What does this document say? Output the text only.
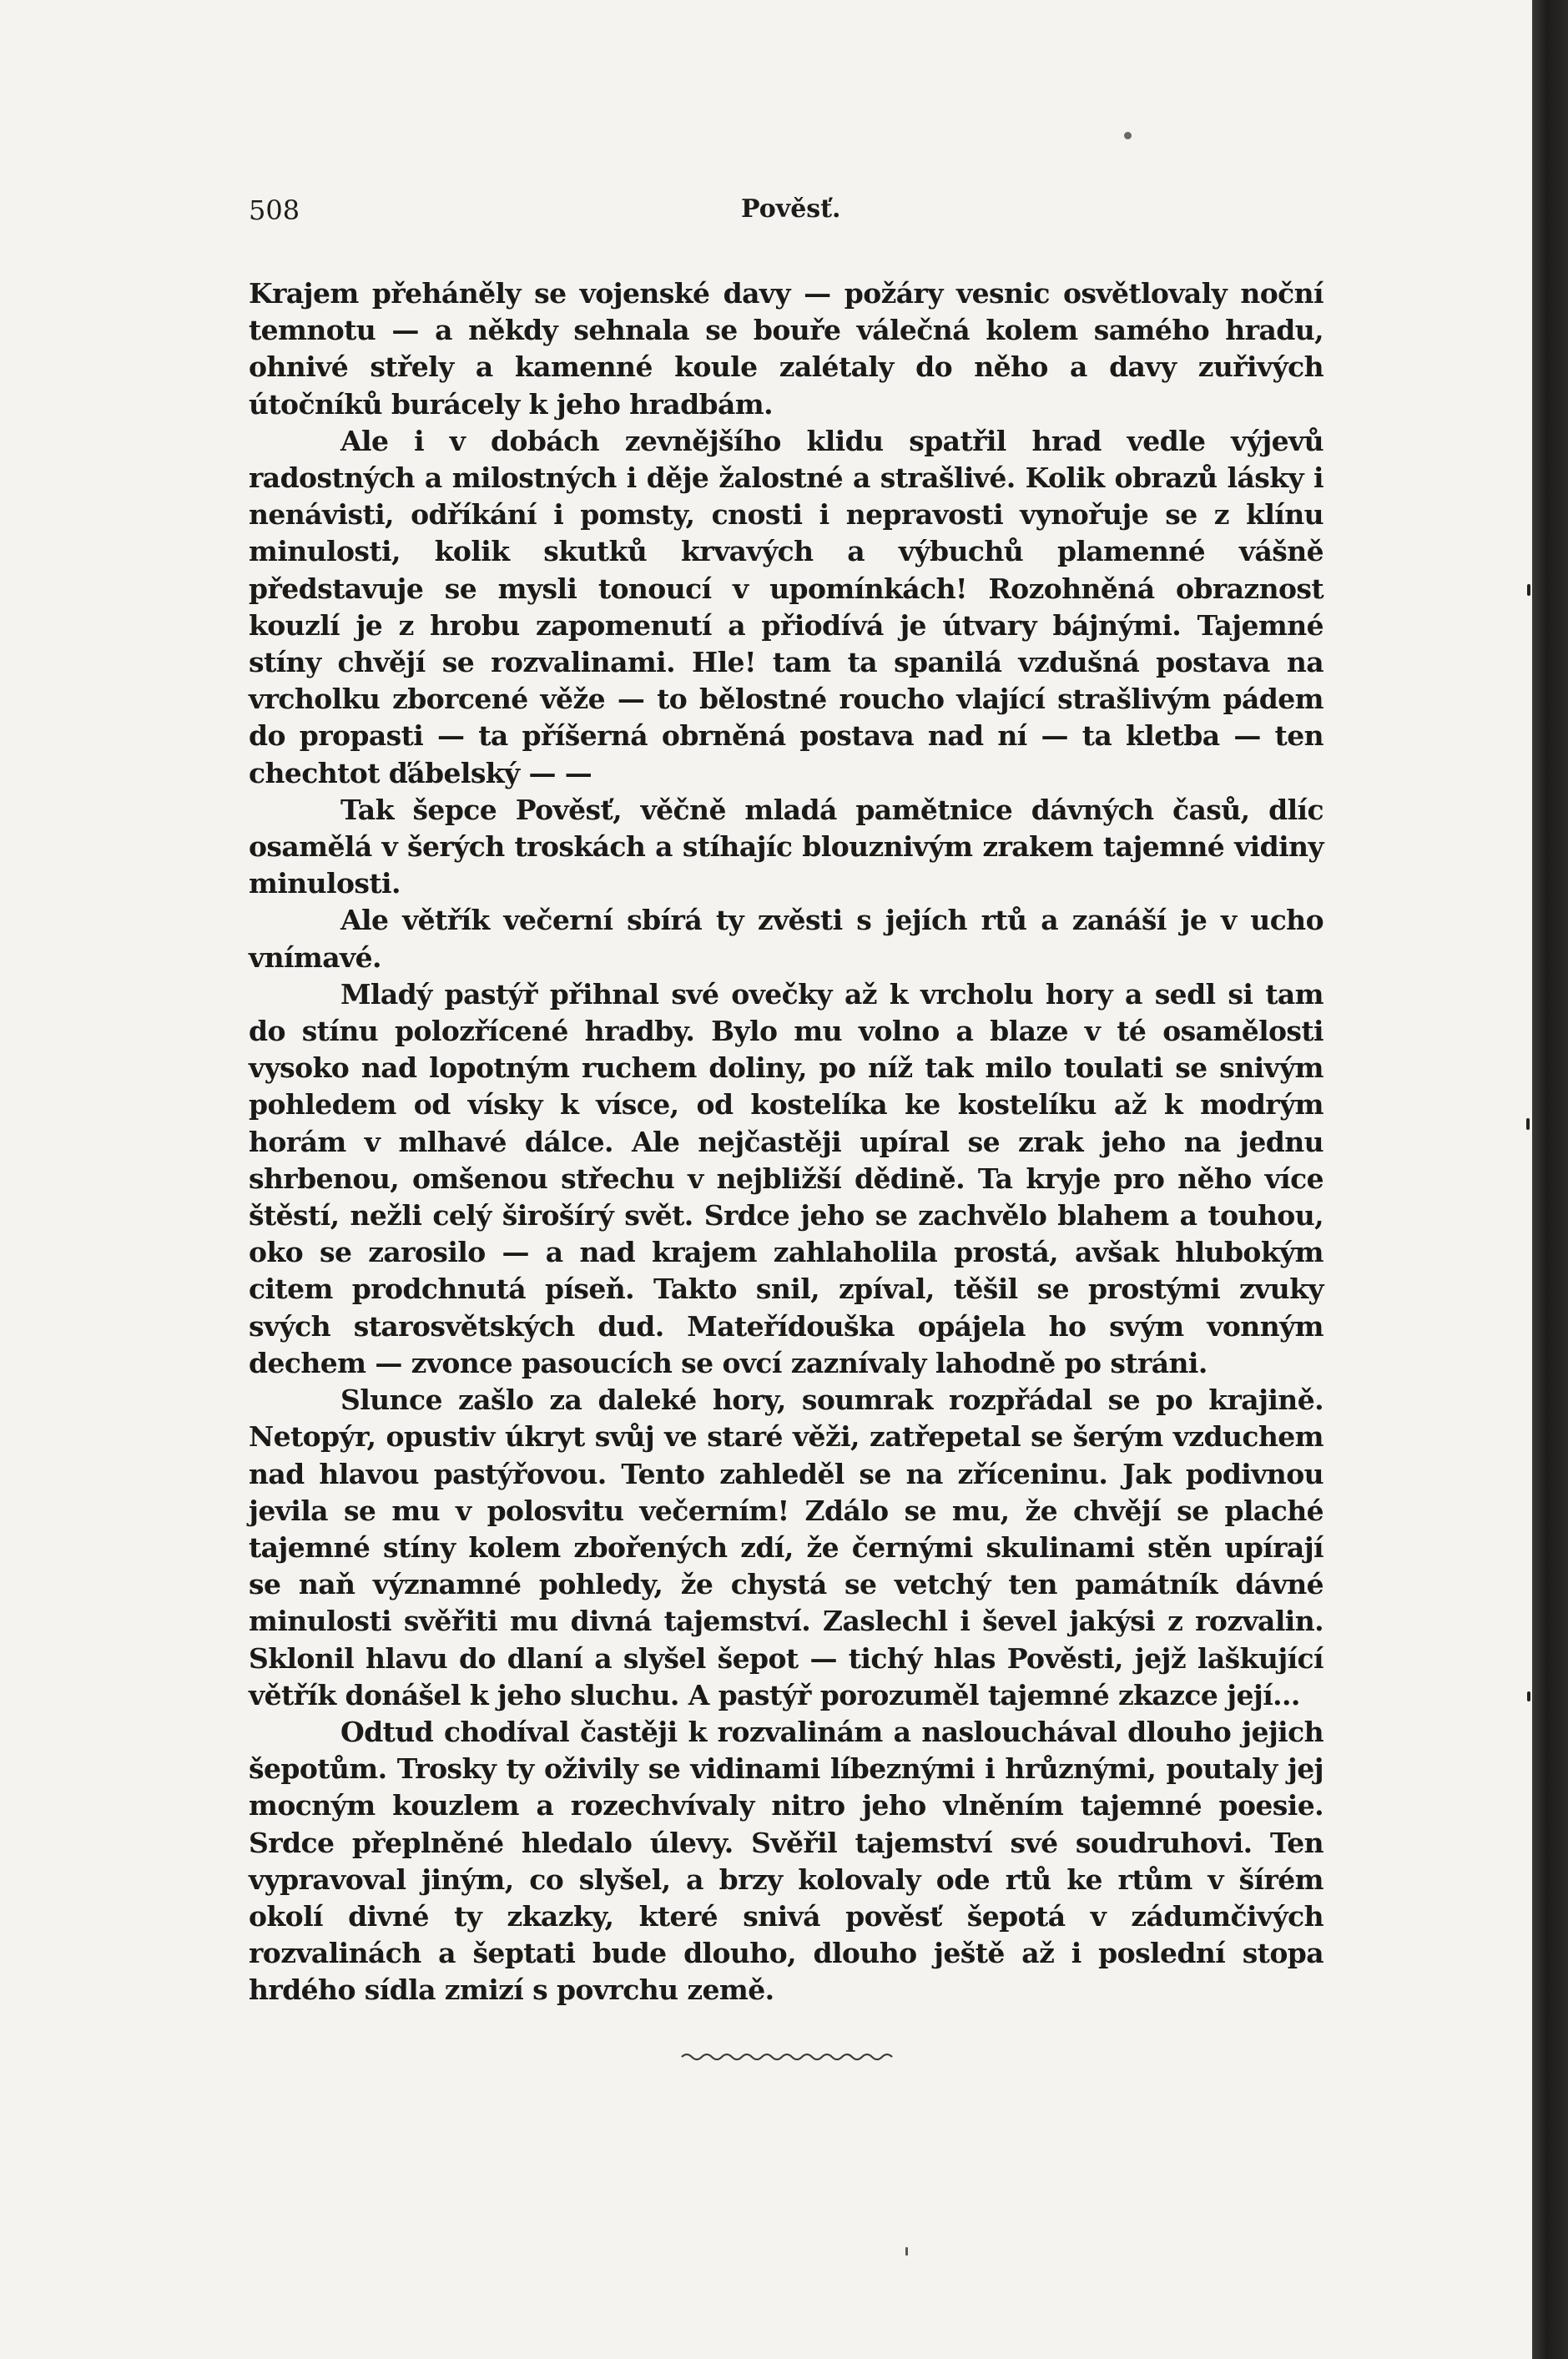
508	Pověsť.

Krajem přeháněly se vojenské davy — požáry vesnic osvětlovaly noční temnotu — a někdy sehnala se bouře válečná kolem samého hradu, ohnivé střely a kamenné koule zalétaly do něho a davy zuřivých útočníků burácely k jeho hradbám.

Ale i v dobách zevnějšího klidu spatřil hrad vedle výjevů radostných a milostných i děje žalostné a strašlivé. Kolik obrazů lásky i nenávisti, odříkání i pomsty, cnosti i nepravosti vynořuje se z klínu minulosti, kolik skutků krvavých a výbuchů plamenné vášně představuje se mysli tonoucí v upomínkách! Rozohněná obraznost kouzlí je z hrobu zapomenutí a přiodívá je útvary bájnými. Tajemné stíny chvějí se rozvalinami. Hle! tam ta spanilá vzdušná postava na vrcholku zborcené věže — to bělostné roucho vlající strašlivým pádem do propasti — ta příšerná obrněná postava nad ní — ta kletba — ten chechtot ďábelský — —

Tak šepce Pověsť, věčně mladá pamětnice dávných časů, dlíc osamělá v šerých troskách a stíhajíc blouznivým zrakem tajemné vidiny minulosti.

Ale větřík večerní sbírá ty zvěsti s jejích rtů a zanáší je v ucho vnímavé.

Mladý pastýř přihnal své ovečky až k vrcholu hory a sedl si tam do stínu polozřícené hradby. Bylo mu volno a blaze v té osamělosti vysoko nad lopotným ruchem doliny, po níž tak milo toulati se snivým pohledem od vísky k vísce, od kostelíka ke kostelíku až k modrým horám v mlhavé dálce. Ale nejčastěji upíral se zrak jeho na jednu shrbenou, omšenou střechu v nejbližší dědině. Ta kryje pro něho více štěstí, nežli celý širošírý svět. Srdce jeho se zachvělo blahem a touhou, oko se zarosilo — a nad krajem zahlaholila prostá, avšak hlubokým citem prodchnutá píseň. Takto snil, zpíval, těšil se prostými zvuky svých starosvětských dud. Mateřídouška opájela ho svým vonným dechem — zvonce pasoucích se ovcí zaznívaly lahodně po stráni.

Slunce zašlo za daleké hory, soumrak rozpřádal se po krajině. Netopýr, opustiv úkryt svůj ve staré věži, zatřepetal se šerým vzduchem nad hlavou pastýřovou. Tento zahleděl se na zříceninu. Jak podivnou jevila se mu v polosvitu večerním! Zdálo se mu, že chvějí se plaché tajemné stíny kolem zbořených zdí, že černými skulinami stěn upírají se naň významné pohledy, že chystá se vetchý ten památník dávné minulosti svěřiti mu divná tajemství. Zaslechl i ševel jakýsi z rozvalin. Sklonil hlavu do dlaní a slyšel šepot — tichý hlas Pověsti, jejž laškující větřík donášel k jeho sluchu. A pastýř porozuměl tajemné zkazce její...

Odtud chodíval častěji k rozvalinám a naslouchával dlouho jejich šepotům. Trosky ty oživily se vidinami líbeznými i hrůznými, poutaly jej mocným kouzlem a rozechvívaly nitro jeho vlněním tajemné poesie. Srdce přeplněné hledalo úlevy. Svěřil tajemství své soudruhovi. Ten vypravoval jiným, co slyšel, a brzy kolovaly ode rtů ke rtům v šírém okolí divné ty zkazky, které snivá pověsť šepotá v zádumčivých rozvalinách a šeptati bude dlouho, dlouho ještě až i poslední stopa hrdého sídla zmizí s povrchu země.
